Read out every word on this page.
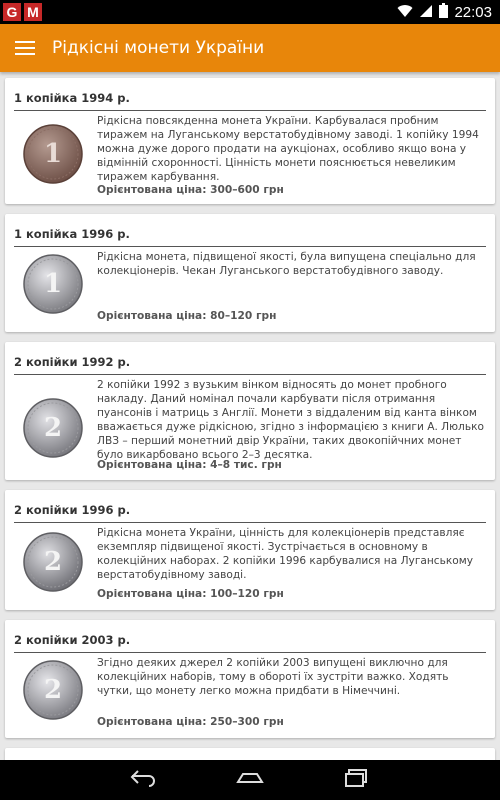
G M	22:03
Рідкісні монети України
1 копійка 1994 р.
1
Рідкісна повсякденна монета України. Карбувалася пробним тиражем на Луганському верстатобудівному заводі. 1 копійку 1994 можна дуже дорого продати на аукціонах, особливо якщо вона у відмінній схоронності. Цінність монети пояснюється невеликим тиражем карбування.
Орієнтована ціна: 300–600 грн
1 копійка 1996 р.
1
Рідкісна монета, підвищеної якості, була випущена спеціально для колекціонерів. Чекан Луганського верстатобудівного заводу.
Орієнтована ціна: 80–120 грн
2 копійки 1992 р.
2
2 копійки 1992 з вузьким вінком відносять до монет пробного накладу. Даний номінал почали карбувати після отримання пуансонів і матриць з Англії. Монети з віддаленим від канта вінком вважається дуже рідкісною, згідно з інформацією з книги А. Люлько ЛВЗ – перший монетний двір України, таких двокопійчних монет було викарбовано всього 2–3 десятка.
Орієнтована ціна: 4–8 тис. грн
2 копійки 1996 р.
2
Рідкісна монета України, цінність для колекціонерів представляє екземпляр підвищеної якості. Зустрічається в основному в колекційних наборах. 2 копійки 1996 карбувалися на Луганському верстатобудівному заводі.
Орієнтована ціна: 100–120 грн
2 копійки 2003 р.
2
Згідно деяких джерел 2 копійки 2003 випущені виключно для колекційних наборів, тому в обороті їх зустріти важко. Ходять чутки, що монету легко можна придбати в Німеччині.
Орієнтована ціна: 250–300 грн
